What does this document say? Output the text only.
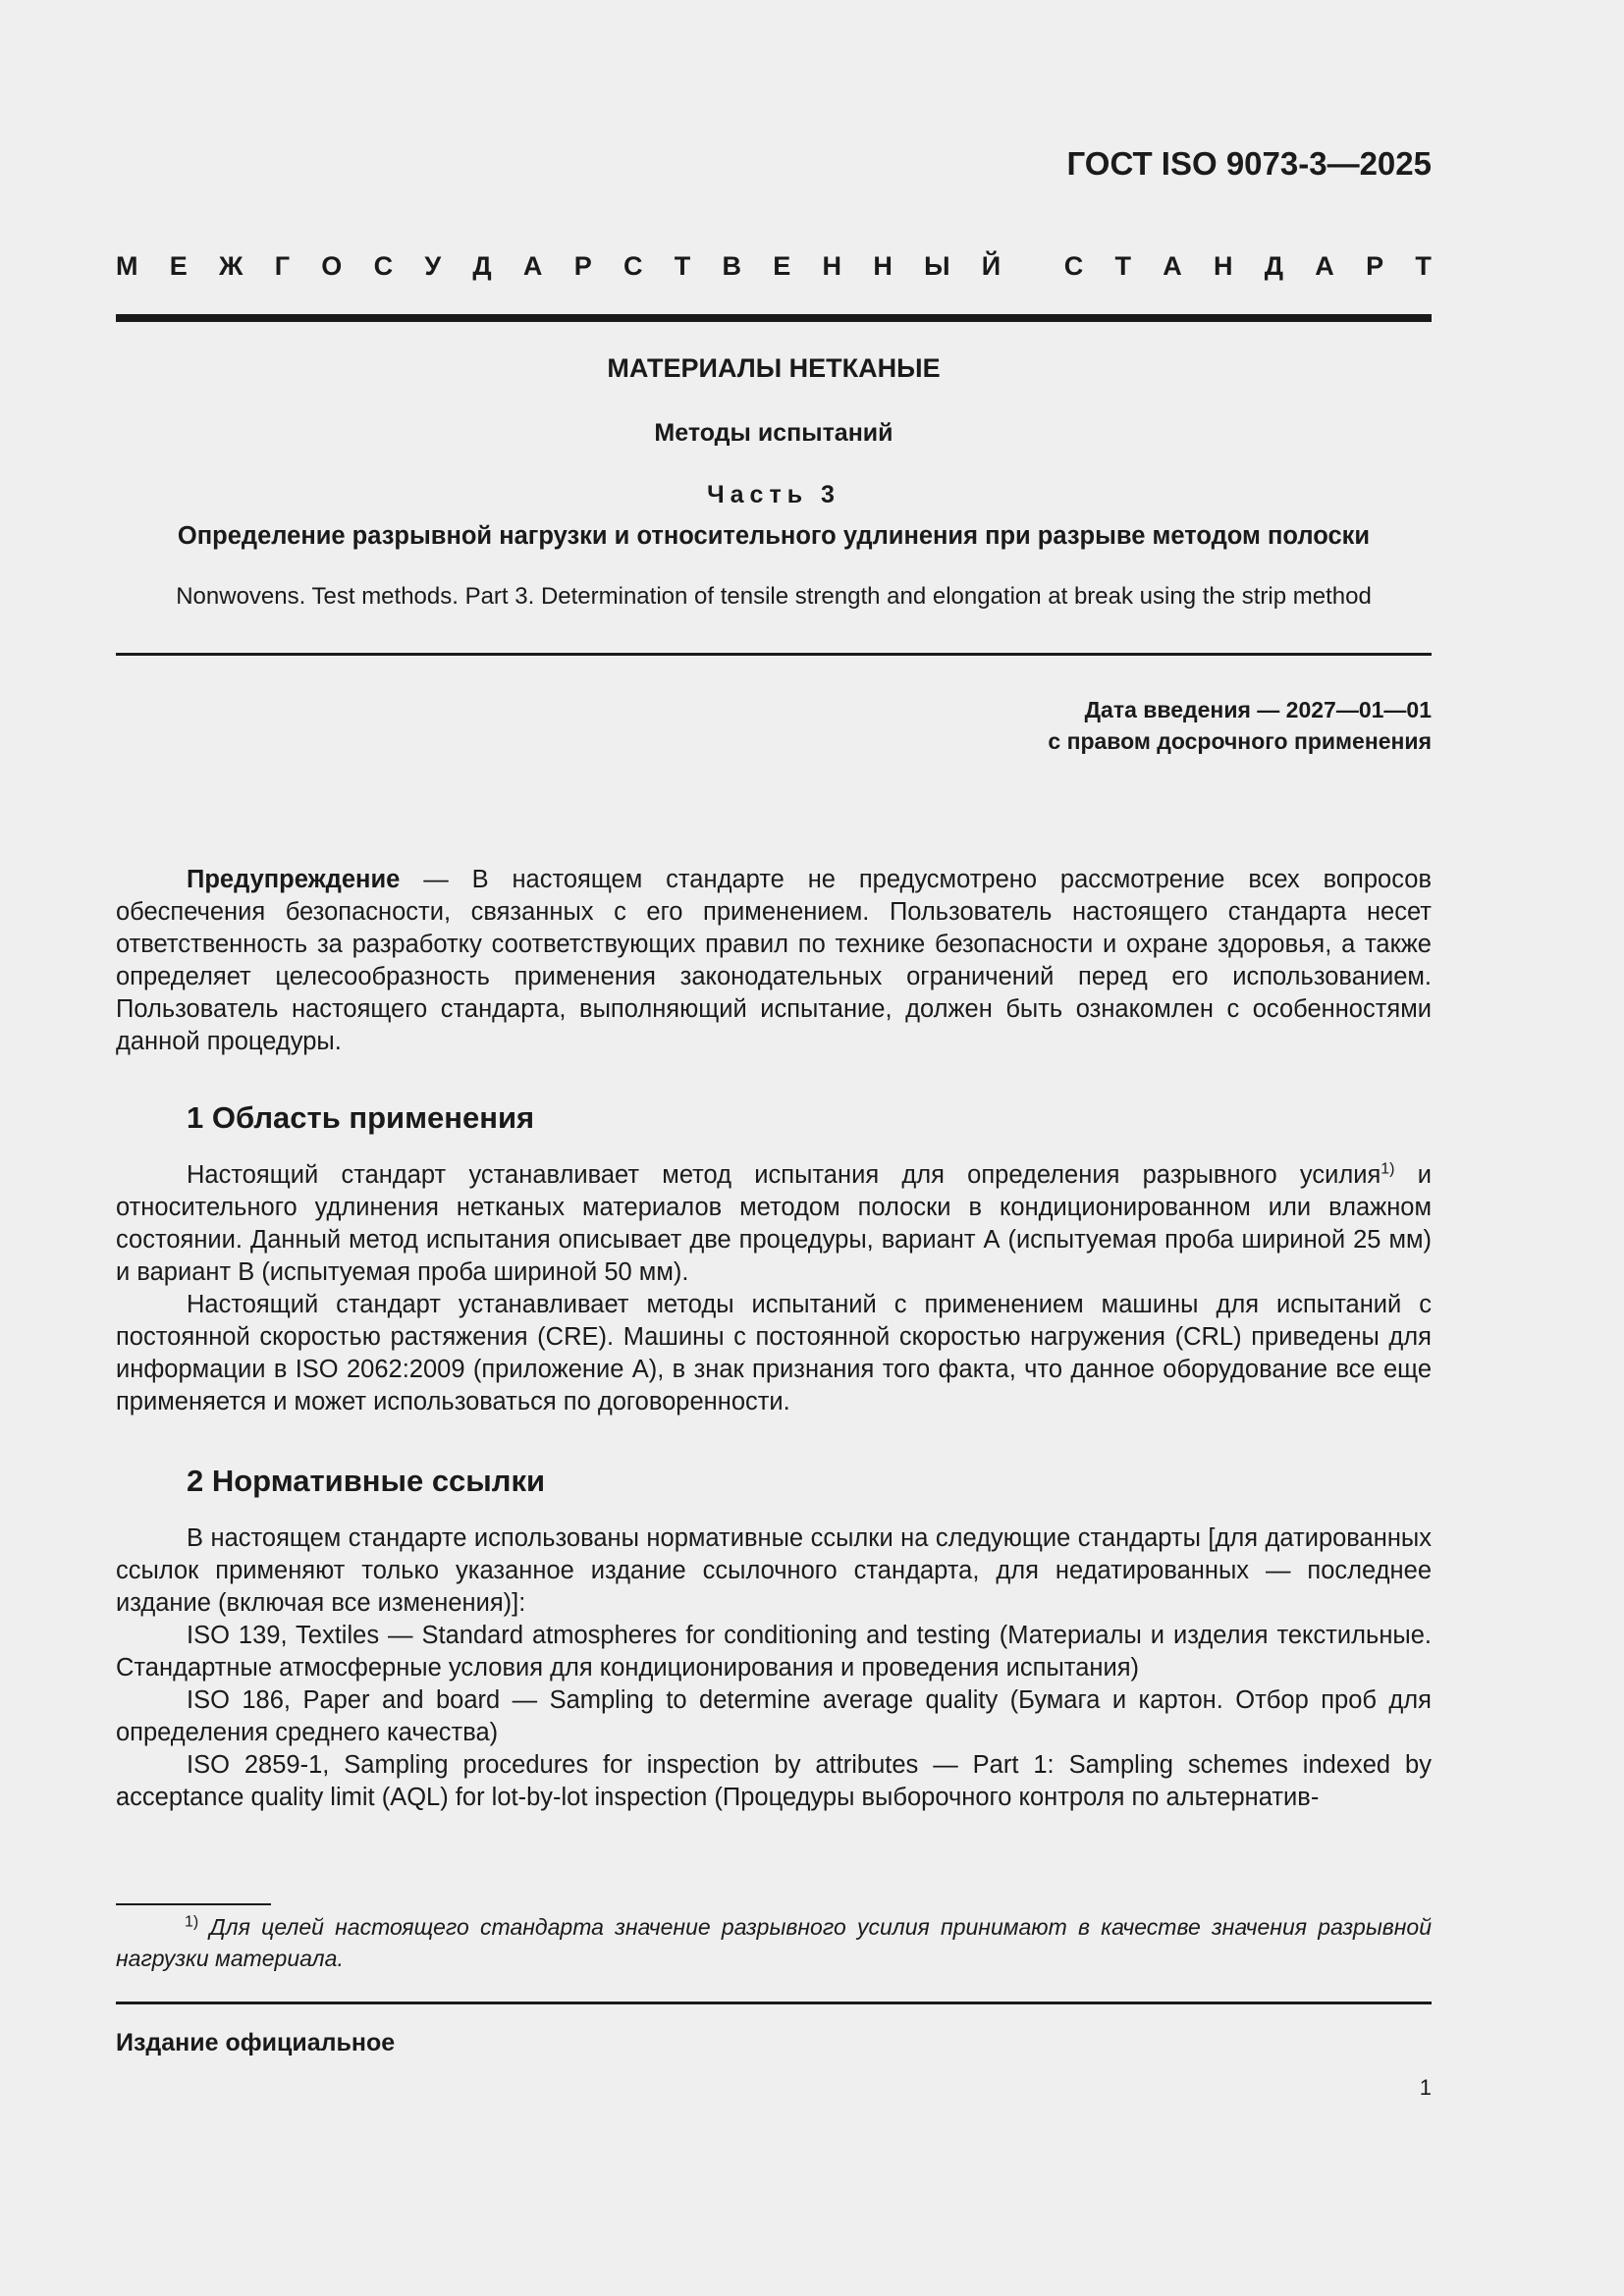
ГОСТ ISO 9073-3—2025
М Е Ж Г О С У Д А Р С Т В Е Н Н Ы Й С Т А Н Д А Р Т
МАТЕРИАЛЫ НЕТКАНЫЕ
Методы испытаний
Часть 3
Определение разрывной нагрузки и относительного удлинения при разрыве методом полоски
Nonwovens. Test methods. Part 3. Determination of tensile strength and elongation at break using the strip method
Дата введения — 2027—01—01
с правом досрочного применения

Предупреждение — В настоящем стандарте не предусмотрено рассмотрение всех вопросов обеспечения безопасности, связанных с его применением. Пользователь настоящего стандарта несет ответственность за разработку соответствующих правил по технике безопасности и охране здоровья, а также определяет целесообразность применения законодательных ограничений перед его использованием. Пользователь настоящего стандарта, выполняющий испытание, должен быть ознакомлен с особенностями данной процедуры.

1 Область применения

Настоящий стандарт устанавливает метод испытания для определения разрывного усилия$^{1)}$ и относительного удлинения нетканых материалов методом полоски в кондиционированном или влажном состоянии. Данный метод испытания описывает две процедуры, вариант А (испытуемая проба шириной 25 мм) и вариант В (испытуемая проба шириной 50 мм).

Настоящий стандарт устанавливает методы испытаний с применением машины для испытаний с постоянной скоростью растяжения (CRE). Машины с постоянной скоростью нагружения (CRL) приведены для информации в ISO 2062:2009 (приложение А), в знак признания того факта, что данное оборудование все еще применяется и может использоваться по договоренности.

2 Нормативные ссылки

В настоящем стандарте использованы нормативные ссылки на следующие стандарты [для датированных ссылок применяют только указанное издание ссылочного стандарта, для недатированных — последнее издание (включая все изменения)]:

ISO 139, Textiles — Standard atmospheres for conditioning and testing (Материалы и изделия текстильные. Стандартные атмосферные условия для кондиционирования и проведения испытания)

ISO 186, Paper and board — Sampling to determine average quality (Бумага и картон. Отбор проб для определения среднего качества)

ISO 2859-1, Sampling procedures for inspection by attributes — Part 1: Sampling schemes indexed by acceptance quality limit (AQL) for lot-by-lot inspection (Процедуры выборочного контроля по альтернатив-

$^{1)}$ Для целей настоящего стандарта значение разрывного усилия принимают в качестве значения разрывной нагрузки материала.
Издание официальное
1
